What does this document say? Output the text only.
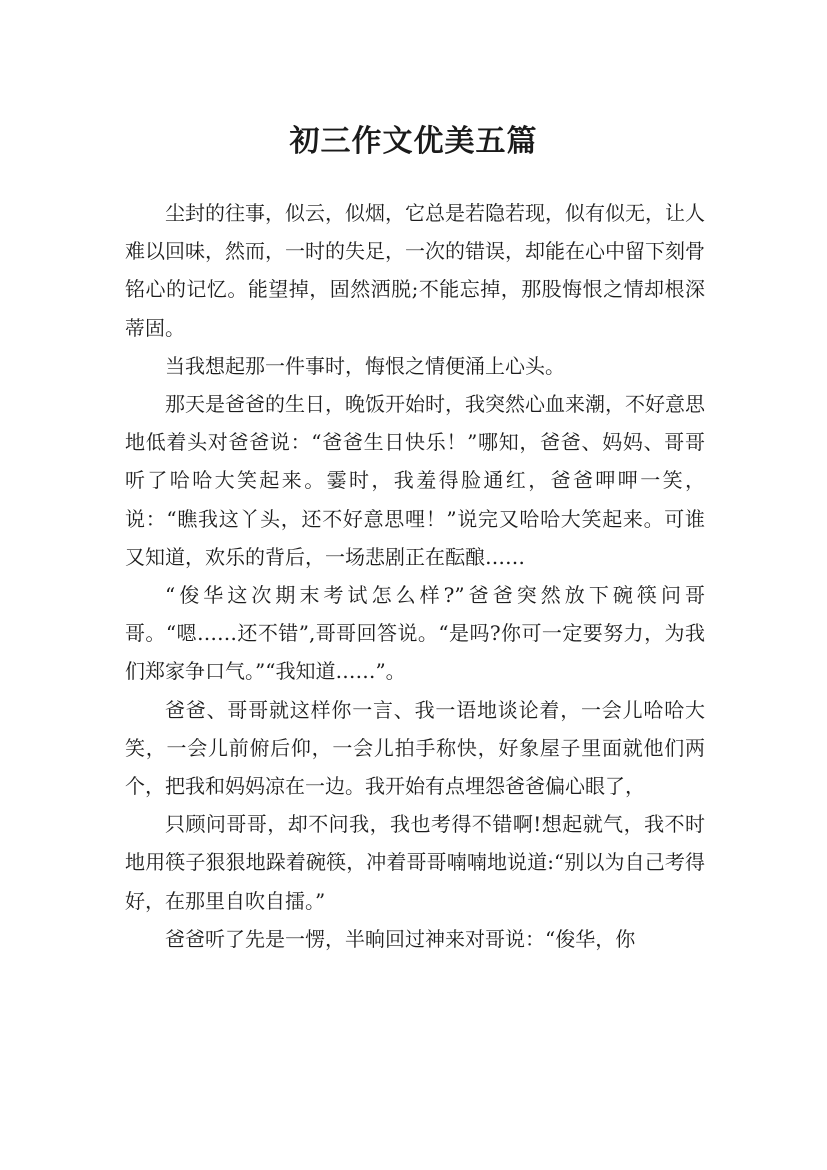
初三作文优美五篇

尘封的往事，似云，似烟，它总是若隐若现，似有似无，让人难以回味，然而，一时的失足，一次的错误，却能在心中留下刻骨铭心的记忆。能望掉，固然洒脱;不能忘掉，那股悔恨之情却根深蒂固。

当我想起那一件事时，悔恨之情便涌上心头。

那天是爸爸的生日，晚饭开始时，我突然心血来潮，不好意思地低着头对爸爸说：“爸爸生日快乐！”哪知，爸爸、妈妈、哥哥听了哈哈大笑起来。霎时，我羞得脸通红，爸爸呷呷一笑，说：“瞧我这丫头，还不好意思哩！”说完又哈哈大笑起来。可谁又知道，欢乐的背后，一场悲剧正在酝酿……

“俊华这次期末考试怎么样?”爸爸突然放下碗筷问哥哥。“嗯……还不错”,哥哥回答说。“是吗?你可一定要努力，为我们郑家争口气。”“我知道……”。

爸爸、哥哥就这样你一言、我一语地谈论着，一会儿哈哈大笑，一会儿前俯后仰，一会儿拍手称快，好象屋子里面就他们两个，把我和妈妈凉在一边。我开始有点埋怨爸爸偏心眼了，

只顾问哥哥，却不问我，我也考得不错啊!想起就气，我不时地用筷子狠狠地跺着碗筷，冲着哥哥喃喃地说道:“别以为自己考得好，在那里自吹自擂。”

爸爸听了先是一愣，半晌回过神来对哥说：“俊华，你
